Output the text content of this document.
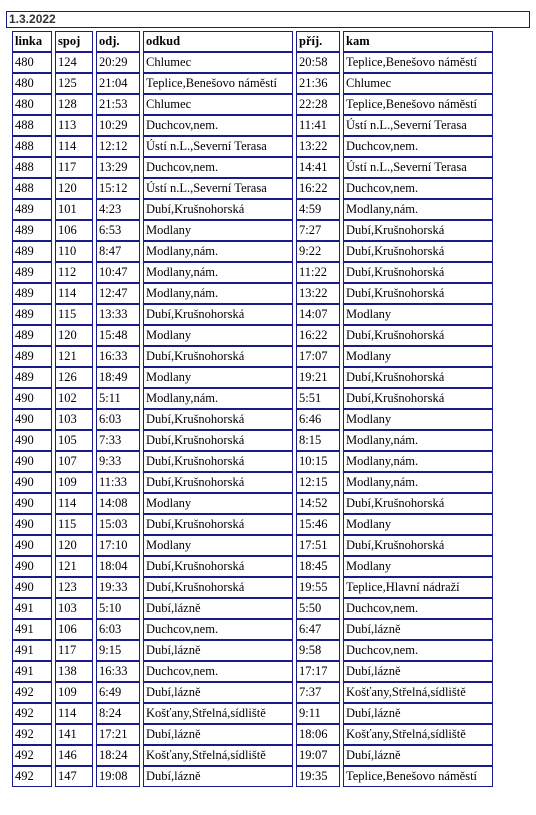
1.3.2022
linka	spoj	odj.	odkud	příj.	kam
480	124	20:29	Chlumec	20:58	Teplice,Benešovo náměstí
480	125	21:04	Teplice,Benešovo náměstí	21:36	Chlumec
480	128	21:53	Chlumec	22:28	Teplice,Benešovo náměstí
488	113	10:29	Duchcov,nem.	11:41	Ústí n.L.,Severní Terasa
488	114	12:12	Ústí n.L.,Severní Terasa	13:22	Duchcov,nem.
488	117	13:29	Duchcov,nem.	14:41	Ústí n.L.,Severní Terasa
488	120	15:12	Ústí n.L.,Severní Terasa	16:22	Duchcov,nem.
489	101	4:23	Dubí,Krušnohorská	4:59	Modlany,nám.
489	106	6:53	Modlany	7:27	Dubí,Krušnohorská
489	110	8:47	Modlany,nám.	9:22	Dubí,Krušnohorská
489	112	10:47	Modlany,nám.	11:22	Dubí,Krušnohorská
489	114	12:47	Modlany,nám.	13:22	Dubí,Krušnohorská
489	115	13:33	Dubí,Krušnohorská	14:07	Modlany
489	120	15:48	Modlany	16:22	Dubí,Krušnohorská
489	121	16:33	Dubí,Krušnohorská	17:07	Modlany
489	126	18:49	Modlany	19:21	Dubí,Krušnohorská
490	102	5:11	Modlany,nám.	5:51	Dubí,Krušnohorská
490	103	6:03	Dubí,Krušnohorská	6:46	Modlany
490	105	7:33	Dubí,Krušnohorská	8:15	Modlany,nám.
490	107	9:33	Dubí,Krušnohorská	10:15	Modlany,nám.
490	109	11:33	Dubí,Krušnohorská	12:15	Modlany,nám.
490	114	14:08	Modlany	14:52	Dubí,Krušnohorská
490	115	15:03	Dubí,Krušnohorská	15:46	Modlany
490	120	17:10	Modlany	17:51	Dubí,Krušnohorská
490	121	18:04	Dubí,Krušnohorská	18:45	Modlany
490	123	19:33	Dubí,Krušnohorská	19:55	Teplice,Hlavní nádraží
491	103	5:10	Dubí,lázně	5:50	Duchcov,nem.
491	106	6:03	Duchcov,nem.	6:47	Dubí,lázně
491	117	9:15	Dubí,lázně	9:58	Duchcov,nem.
491	138	16:33	Duchcov,nem.	17:17	Dubí,lázně
492	109	6:49	Dubí,lázně	7:37	Košťany,Střelná,sídliště
492	114	8:24	Košťany,Střelná,sídliště	9:11	Dubí,lázně
492	141	17:21	Dubí,lázně	18:06	Košťany,Střelná,sídliště
492	146	18:24	Košťany,Střelná,sídliště	19:07	Dubí,lázně
492	147	19:08	Dubí,lázně	19:35	Teplice,Benešovo náměstí
